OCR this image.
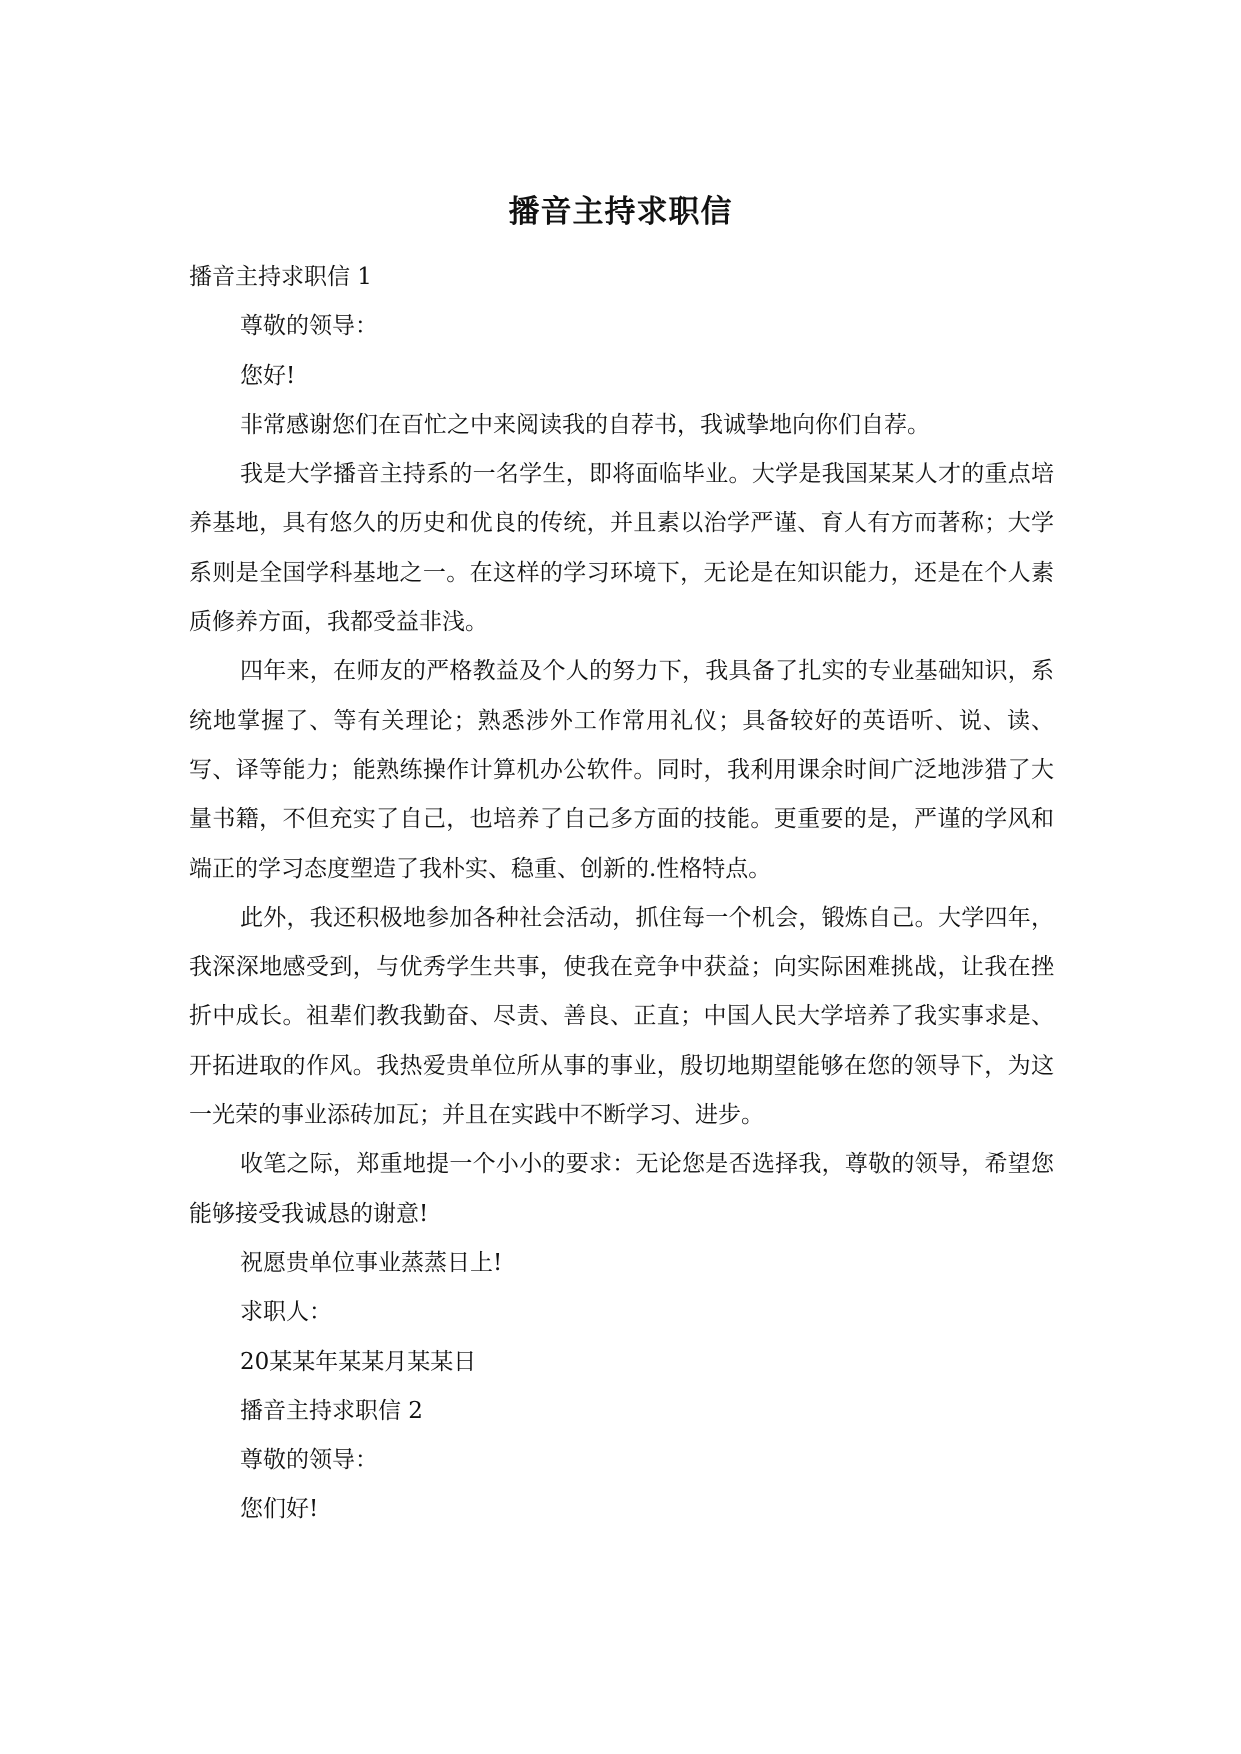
播音主持求职信

播音主持求职信 1

尊敬的领导：

您好!

非常感谢您们在百忙之中来阅读我的自荐书，我诚挚地向你们自荐。

我是大学播音主持系的一名学生，即将面临毕业。大学是我国某某人才的重点培养基地，具有悠久的历史和优良的传统，并且素以治学严谨、育人有方而著称；大学系则是全国学科基地之一。在这样的学习环境下，无论是在知识能力，还是在个人素质修养方面，我都受益非浅。

四年来，在师友的严格教益及个人的努力下，我具备了扎实的专业基础知识，系统地掌握了、等有关理论；熟悉涉外工作常用礼仪；具备较好的英语听、说、读、写、译等能力；能熟练操作计算机办公软件。同时，我利用课余时间广泛地涉猎了大量书籍，不但充实了自己，也培养了自己多方面的技能。更重要的是，严谨的学风和端正的学习态度塑造了我朴实、稳重、创新的.性格特点。

此外，我还积极地参加各种社会活动，抓住每一个机会，锻炼自己。大学四年，我深深地感受到，与优秀学生共事，使我在竞争中获益；向实际困难挑战，让我在挫折中成长。祖辈们教我勤奋、尽责、善良、正直；中国人民大学培养了我实事求是、开拓进取的作风。我热爱贵单位所从事的事业，殷切地期望能够在您的领导下，为这一光荣的事业添砖加瓦；并且在实践中不断学习、进步。

收笔之际，郑重地提一个小小的要求：无论您是否选择我，尊敬的领导，希望您能够接受我诚恳的谢意!

祝愿贵单位事业蒸蒸日上!

求职人：

20某某年某某月某某日

播音主持求职信 2

尊敬的领导：

您们好!
